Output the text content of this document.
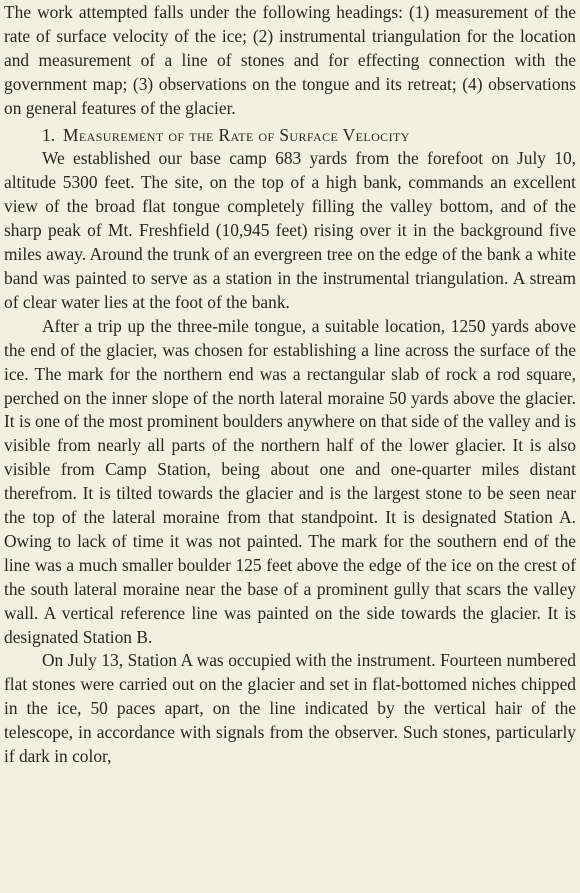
The work attempted falls under the following headings: (1) measurement of the rate of surface velocity of the ice; (2) instrumental triangulation for the location and measurement of a line of stones and for effecting connection with the government map; (3) observations on the tongue and its retreat; (4) observations on general features of the glacier.

1. Measurement of the Rate of Surface Velocity

We established our base camp 683 yards from the forefoot on July 10, altitude 5300 feet. The site, on the top of a high bank, commands an excellent view of the broad flat tongue completely filling the valley bottom, and of the sharp peak of Mt. Freshfield (10,945 feet) rising over it in the background five miles away. Around the trunk of an evergreen tree on the edge of the bank a white band was painted to serve as a station in the instrumental triangulation. A stream of clear water lies at the foot of the bank.

After a trip up the three-mile tongue, a suitable location, 1250 yards above the end of the glacier, was chosen for establishing a line across the surface of the ice. The mark for the northern end was a rectangular slab of rock a rod square, perched on the inner slope of the north lateral moraine 50 yards above the glacier. It is one of the most prominent boulders anywhere on that side of the valley and is visible from nearly all parts of the northern half of the lower glacier. It is also visible from Camp Station, being about one and one-quarter miles distant therefrom. It is tilted towards the glacier and is the largest stone to be seen near the top of the lateral moraine from that standpoint. It is designated Station A. Owing to lack of time it was not painted. The mark for the southern end of the line was a much smaller boulder 125 feet above the edge of the ice on the crest of the south lateral moraine near the base of a prominent gully that scars the valley wall. A vertical reference line was painted on the side towards the glacier. It is designated Station B.

On July 13, Station A was occupied with the instrument. Fourteen numbered flat stones were carried out on the glacier and set in flat-bottomed niches chipped in the ice, 50 paces apart, on the line indicated by the vertical hair of the telescope, in accordance with signals from the observer. Such stones, particularly if dark in color,
